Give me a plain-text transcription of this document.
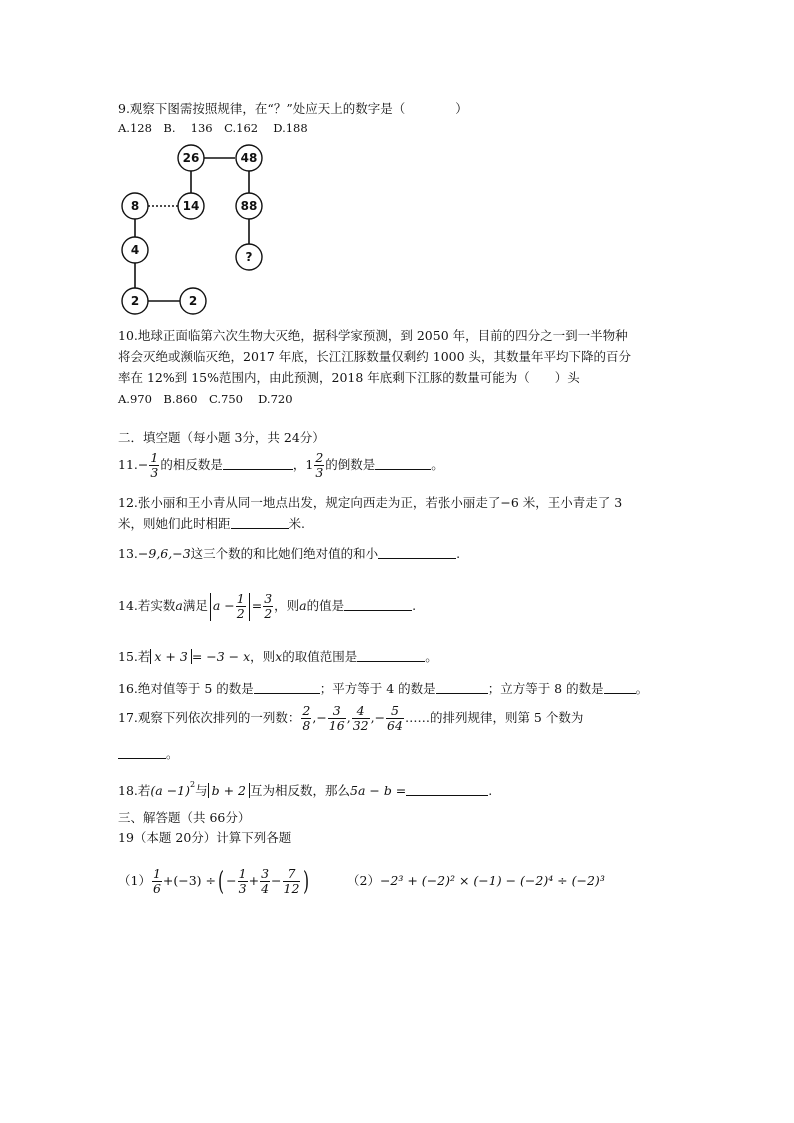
9.观察下图需按照规律，在“？”处应天上的数字是（　　　　）
A.128　B.　 136　C.162　 D.188
26	48
8	14	88
4	?
2	2
10.地球正面临第六次生物大灭绝，据科学家预测，到 2050 年，目前的四分之一到一半物种
将会灭绝或濒临灭绝，2017 年底，长江江豚数量仅剩约 1000 头，其数量年平均下降的百分
率在 12%到 15%范围内，由此预测，2018 年底剩下江豚的数量可能为（　　）头
A.970　B.860　C.750　 D.720
二．填空题（每小题 3分，共 24分）
$11.- \frac{1}{3}$ 的相反数是	，$1 \frac{2}{3}$ 的倒数是	。
12.张小丽和王小青从同一地点出发，规定向西走为正，若张小丽走了−6 米，王小青走了 3
米，则她们此时相距	米.
13.−9,6,−3这三个数的和比她们绝对值的和小	.
14.若实数a满足 $a - \frac{1}{2} = \frac{3}{2}$ ，则a的值是	.
15.若 x + 3 = −3 − x，则x的取值范围是	。
16.绝对值等于 5 的数是	；平方等于 4 的数是	；立方等于 8 的数是	。
17.观察下列依次排列的一列数： $\frac{2}{8}$ ,− $\frac{3}{16}$ , $\frac{4}{32}$ ,− $\frac{5}{64}$ ……的排列规律，则第 5 个数为
。
18.若$(a -1)^2$与 b + 2 互为相反数，那么5a − b =	.
三、解答题（共 66分）
19（本题 20分）计算下列各题
$(1) \frac{1}{6} +(-3)$ ÷( − $\frac{1}{3} + \frac{3}{4} - \frac{7}{12}$ )	（2）−2³ + (−2)² × (−1) − (−2)⁴ ÷ (−2)³
